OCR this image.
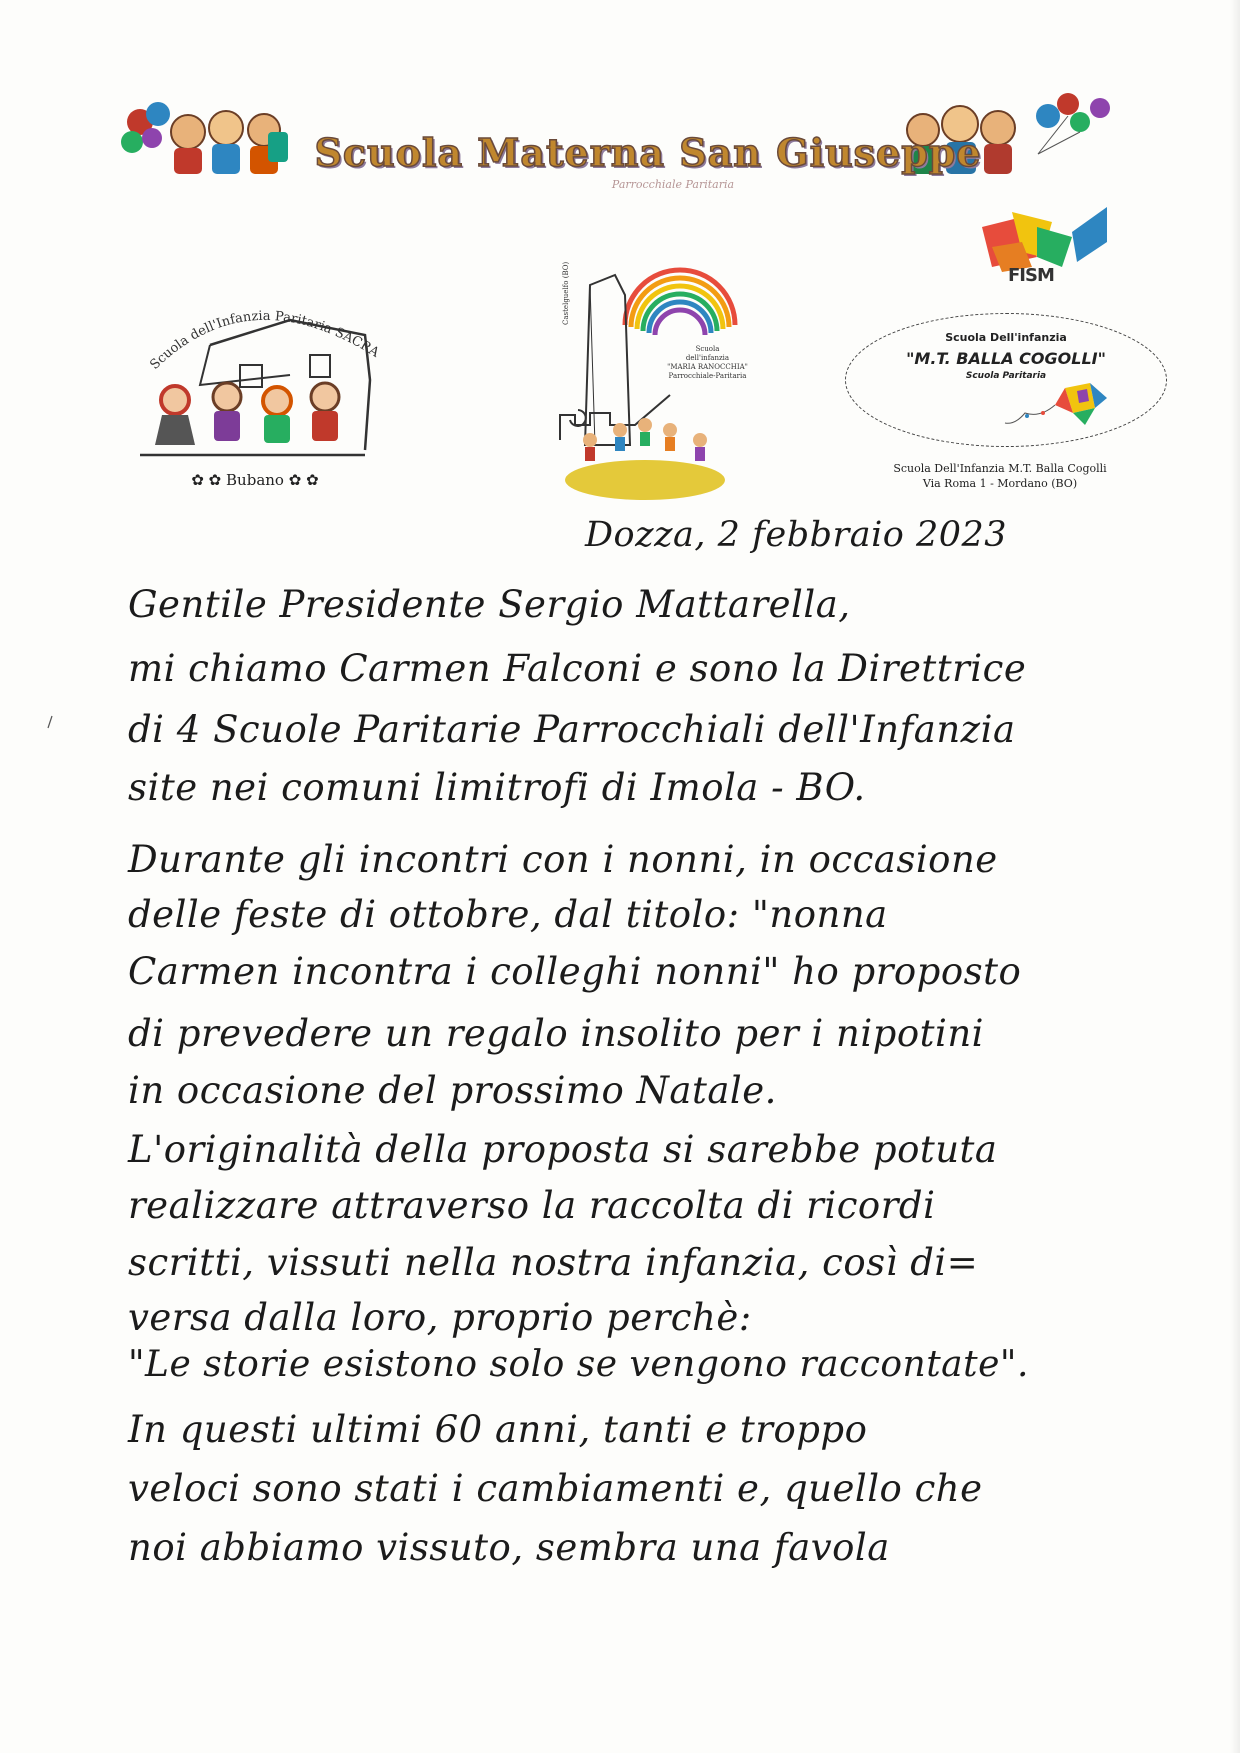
Scuola Materna San Giuseppe
Parrocchiale Paritaria
Scuola dell'Infanzia Paritaria SACRA
✿ ✿ Bubano ✿ ✿
Scuola
dell'infanzia
"MARIA RANOCCHIA"
Parrocchiale-Paritaria
Castelguelfo (BO)	FISM
Scuola Dell'infanzia
"M.T. BALLA COGOLLI"
Scuola Paritaria
Scuola Dell'Infanzia M.T. Balla Cogolli
Via Roma 1 - Mordano (BO)
Dozza, 2 febbraio 2023
Gentile Presidente Sergio Mattarella,
mi chiamo Carmen Falconi e sono la Direttrice
di 4 Scuole Paritarie Parrocchiali dell'Infanzia
site nei comuni limitrofi di Imola - BO.
Durante gli incontri con i nonni, in occasione
delle feste di ottobre, dal titolo: "nonna
Carmen incontra i colleghi nonni" ho proposto
di prevedere un regalo insolito per i nipotini
in occasione del prossimo Natale.
L'originalità della proposta si sarebbe potuta
realizzare attraverso la raccolta di ricordi
scritti, vissuti nella nostra infanzia, così di=
versa dalla loro, proprio perchè:
"Le storie esistono solo se vengono raccontate".
In questi ultimi 60 anni, tanti e troppo
veloci sono stati i cambiamenti e, quello che
noi abbiamo vissuto, sembra una favola
